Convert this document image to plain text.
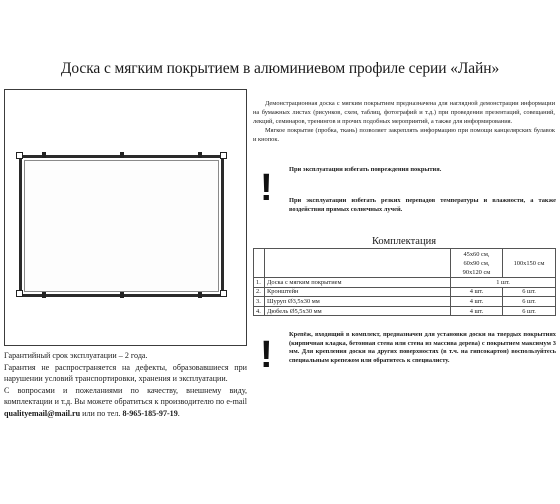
Доска с мягким покрытием в алюминиевом профиле серии «Лайн»

Гарантийный срок эксплуатации – 2 года.

Гарантия не распространяется на дефекты, образовавшиеся при нарушении условий транспортировки, хранения и эксплуатации.

С вопросами и пожеланиями по качеству, внешнему виду, комплектации и т.д. Вы можете обратиться к производителю по e-mail qualityemail@mail.ru или по тел. 8-965-185-97-19.

Демонстрационная доска с мягким покрытием предназначена для наглядной демонстрации информации на бумажных листах (рисунков, схем, таблиц, фотографий и т.д.) при проведении презентаций, совещаний, лекций, семинаров, тренингов и прочих подобных мероприятий, а также для информирования.

Мягкое покрытие (пробка, ткань) позволяет закреплять информацию при помощи канцелярских булавок и кнопок.

!	При эксплуатации избегать повреждения покрытия.
При эксплуатации избегать резких перепадов температуры и влажности, а также воздействия прямых солнечных лучей.
Комплектация

		45х60 см,
60х90 см,
90х120 см	100х150 см
1.	Доска с мягким покрытием	1 шт.	
2.	Кронштейн	4 шт.	6 шт.
3.	Шуруп Ø3,5х30 мм	4 шт.	6 шт.
4.	Дюбель Ø5,5х30 мм	4 шт.	6 шт.
!	Крепёж, входящий в комплект, предназначен для установки доски на твердых покрытиях (кирпичная кладка, бетонная стена или стена из массива дерева) с покрытием максимум 3 мм. Для крепления доски на других поверхностях (в т.ч. на гипсокартон) воспользуйтесь специальным крепежом или обратитесь к специалисту.
